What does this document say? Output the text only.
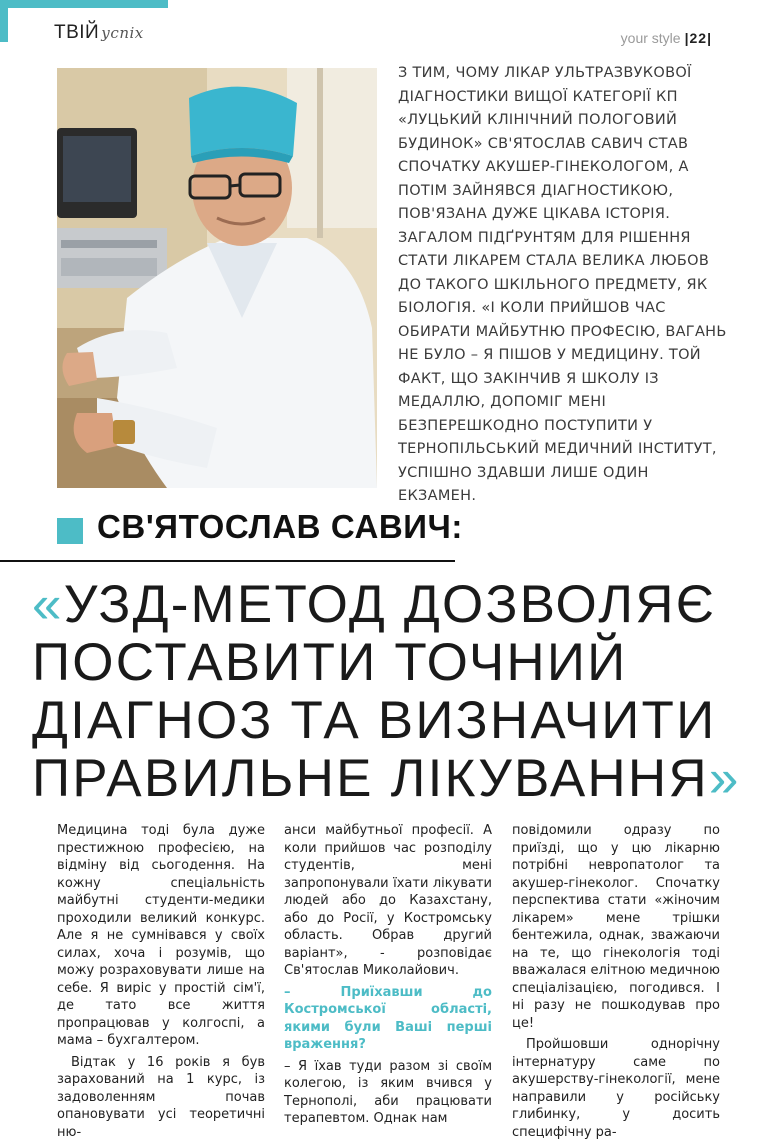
ТВІЙ успіх	your style |22|

З ТИМ, ЧОМУ ЛІКАР УЛЬТРАЗВУКОВОЇ ДІАГНОСТИКИ ВИЩОЇ КАТЕГОРІЇ КП «ЛУЦЬКИЙ КЛІНІЧНИЙ ПОЛОГОВИЙ БУДИНОК» СВ'ЯТОСЛАВ САВИЧ СТАВ СПОЧАТКУ АКУШЕР-ГІНЕКОЛОГОМ, А ПОТІМ ЗАЙНЯВСЯ ДІАГНОСТИКОЮ, ПОВ'ЯЗАНА ДУЖЕ ЦІКАВА ІСТОРІЯ.

ЗАГАЛОМ ПІДҐРУНТЯМ ДЛЯ РІШЕННЯ СТАТИ ЛІКАРЕМ СТАЛА ВЕЛИКА ЛЮБОВ ДО ТАКОГО ШКІЛЬНОГО ПРЕДМЕТУ, ЯК БІОЛОГІЯ. «І КОЛИ ПРИЙШОВ ЧАС ОБИРАТИ МАЙБУТНЮ ПРОФЕСІЮ, ВАГАНЬ НЕ БУЛО – Я ПІШОВ У МЕДИЦИНУ. ТОЙ ФАКТ, ЩО ЗАКІНЧИВ Я ШКОЛУ ІЗ МЕДАЛЛЮ, ДОПОМІГ МЕНІ БЕЗПЕРЕШКОДНО ПОСТУПИТИ У ТЕРНОПІЛЬСЬКИЙ МЕДИЧНИЙ ІНСТИТУТ, УСПІШНО ЗДАВШИ ЛИШЕ ОДИН ЕКЗАМЕН.

СВ'ЯТОСЛАВ САВИЧ:
«УЗД-МЕТОД ДОЗВОЛЯЄ ПОСТАВИТИ ТОЧНИЙ ДІАГНОЗ ТА ВИЗНАЧИТИ ПРАВИЛЬНЕ ЛІКУВАННЯ»

Медицина тоді була дуже престижною професією, на відміну від сьогодення. На кожну спеціальність майбутні студенти-медики проходили великий конкурс. Але я не сумнівався у своїх силах, хоча і розумів, що можу розраховувати лише на себе. Я виріс у простій сім'ї, де тато все життя пропрацював у колгоспі, а мама – бухгалтером.

Відтак у 16 років я був зарахований на 1 курс, із задоволенням почав опановувати усі теоретичні ню-

анси майбутньої професії. А коли прийшов час розподілу студентів, мені запропонували їхати лікувати людей або до Казахстану, або до Росії, у Костромську область. Обрав другий варіант», - розповідає Св'ятослав Миколайович.

– Приїхавши до Костромської області, якими були Ваші перші враження?

– Я їхав туди разом зі своїм колегою, із яким вчився у Тернополі, аби працювати терапевтом. Однак нам

повідомили одразу по приїзді, що у цю лікарню потрібні невропатолог та акушер-гінеколог. Спочатку перспектива стати «жіночим лікарем» мене трішки бентежила, однак, зважаючи на те, що гінекологія тоді вважалася елітною медичною спеціалізацією, погодився. І ні разу не пошкодував про це!

Пройшовши однорічну інтернатуру саме по акушерству-гінекології, мене направили у російську глибинку, у досить специфічну ра-
